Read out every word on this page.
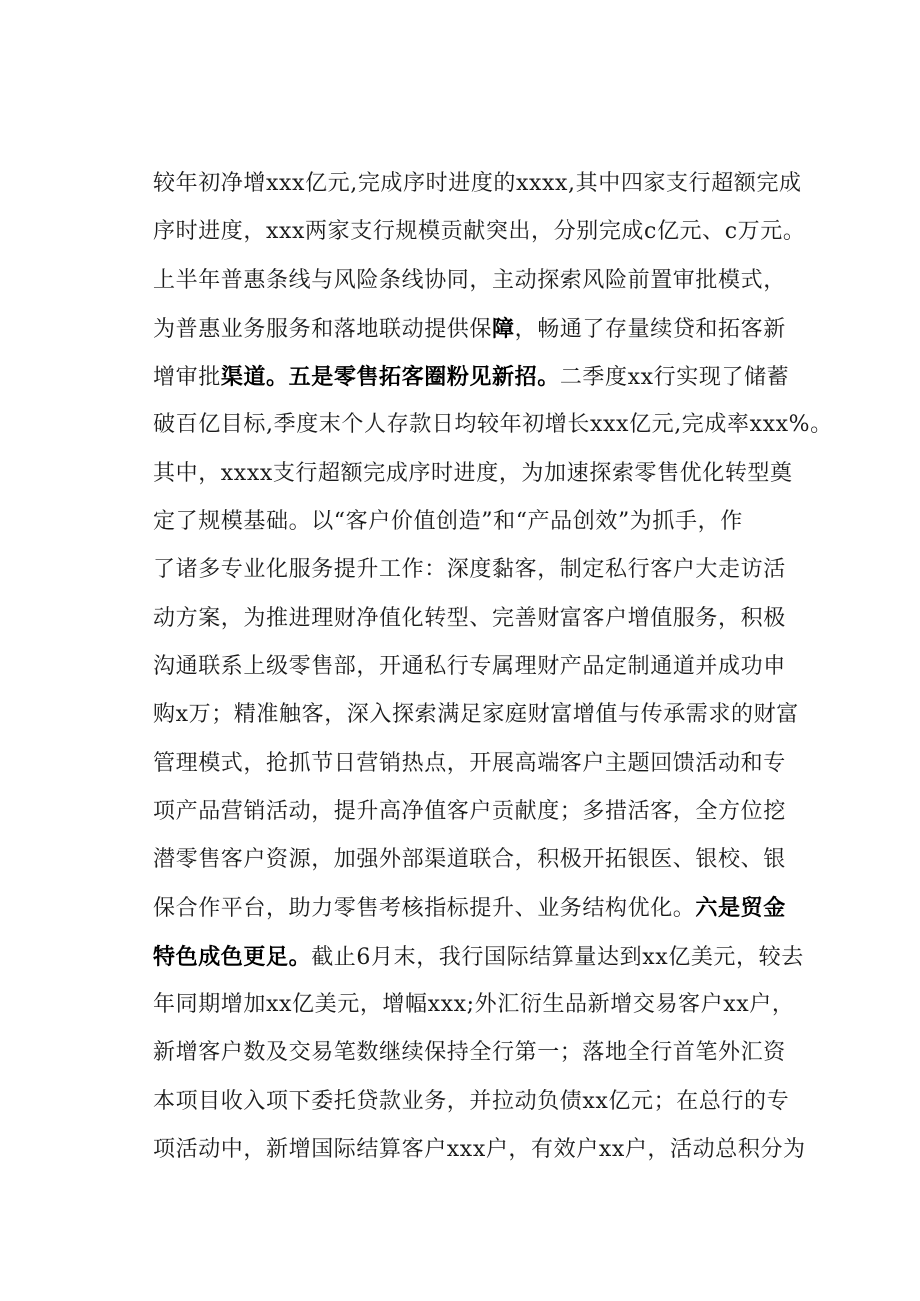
较年初净增xxx亿元,完成序时进度的xxxx,其中四家支行超额完成
序时进度，xxx两家支行规模贡献突出，分别完成c亿元、c万元。
上半年普惠条线与风险条线协同，主动探索风险前置审批模式，
为普惠业务服务和落地联动提供保障，畅通了存量续贷和拓客新
增审批渠道。五是零售拓客圈粉见新招。二季度xx行实现了储蓄
破百亿目标,季度末个人存款日均较年初增长xxx亿元,完成率xxx%。
其中，xxxx支行超额完成序时进度，为加速探索零售优化转型奠
定了规模基础。以“客户价值创造”和“产品创效”为抓手，作
了诸多专业化服务提升工作：深度黏客，制定私行客户大走访活
动方案，为推进理财净值化转型、完善财富客户增值服务，积极
沟通联系上级零售部，开通私行专属理财产品定制通道并成功申
购x万；精准触客，深入探索满足家庭财富增值与传承需求的财富
管理模式，抢抓节日营销热点，开展高端客户主题回馈活动和专
项产品营销活动，提升高净值客户贡献度；多措活客，全方位挖
潜零售客户资源，加强外部渠道联合，积极开拓银医、银校、银
保合作平台，助力零售考核指标提升、业务结构优化。六是贸金
特色成色更足。截止6月末，我行国际结算量达到xx亿美元，较去
年同期增加xx亿美元，增幅xxx;外汇衍生品新增交易客户xx户，
新增客户数及交易笔数继续保持全行第一；落地全行首笔外汇资
本项目收入项下委托贷款业务，并拉动负债xx亿元；在总行的专
项活动中，新增国际结算客户xxx户，有效户xx户，活动总积分为
